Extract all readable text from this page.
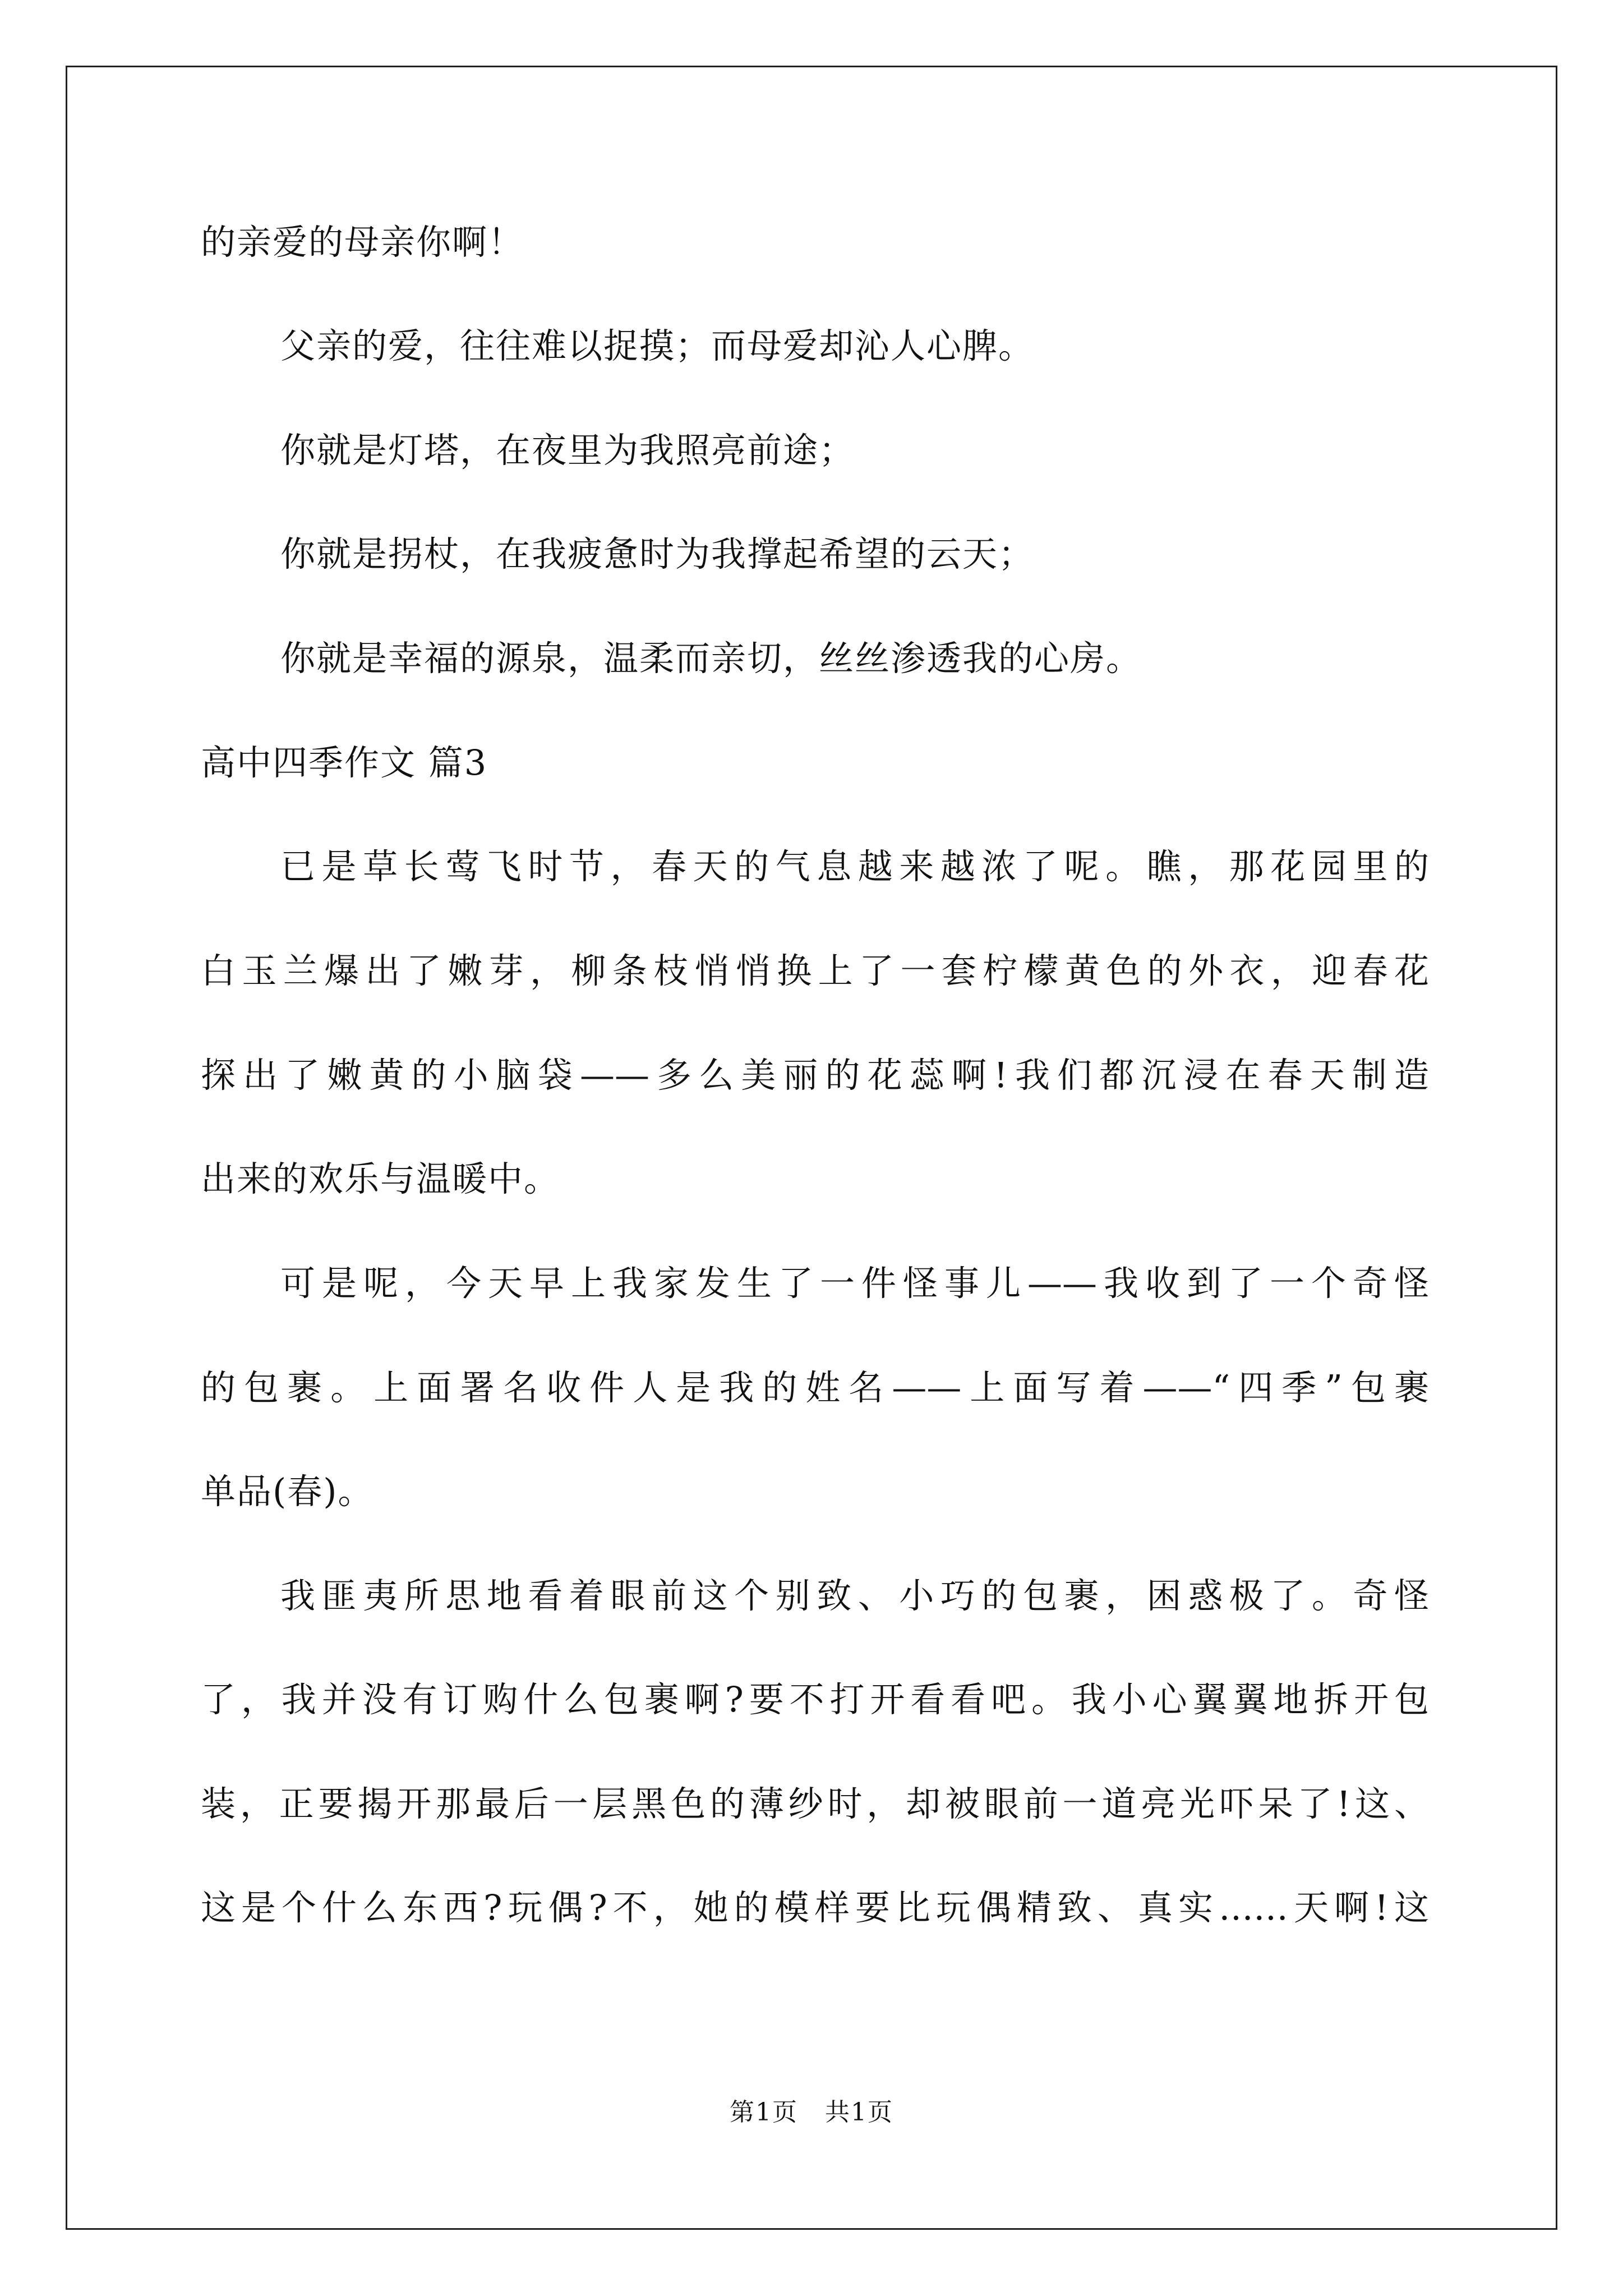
的亲爱的母亲你啊！
父亲的爱，往往难以捉摸；而母爱却沁人心脾。
你就是灯塔，在夜里为我照亮前途；
你就是拐杖，在我疲惫时为我撑起希望的云天；
你就是幸福的源泉，温柔而亲切，丝丝渗透我的心房。
高中四季作文 篇3
已是草长莺飞时节，春天的气息越来越浓了呢。瞧，那花园里的
白玉兰爆出了嫩芽，柳条枝悄悄换上了一套柠檬黄色的外衣，迎春花
探出了嫩黄的小脑袋——多么美丽的花蕊啊!我们都沉浸在春天制造
出来的欢乐与温暖中。
可是呢，今天早上我家发生了一件怪事儿——我收到了一个奇怪
的包裹。上面署名收件人是我的姓名——上面写着——“四季”包裹
单品(春)。
我匪夷所思地看着眼前这个别致、小巧的包裹，困惑极了。奇怪
了，我并没有订购什么包裹啊?要不打开看看吧。我小心翼翼地拆开包
装，正要揭开那最后一层黑色的薄纱时，却被眼前一道亮光吓呆了!这、
这是个什么东西?玩偶?不，她的模样要比玩偶精致、真实……天啊!这
第1页   共1页
